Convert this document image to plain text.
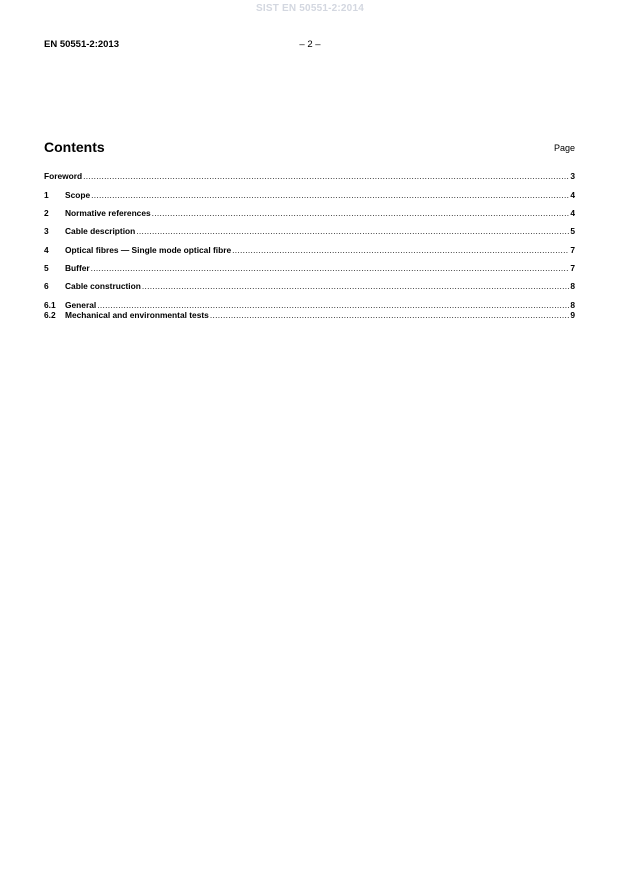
SIST EN 50551-2:2014
EN 50551-2:2013	– 2 –
Contents	Page
Foreword .....	3
1	Scope .....	4
2	Normative references .....	4
3	Cable description .....	5
4	Optical fibres — Single mode optical fibre .....	7
5	Buffer .....	7
6	Cable construction .....	8
6.1	General .....	8
6.2	Mechanical and environmental tests .....	9
